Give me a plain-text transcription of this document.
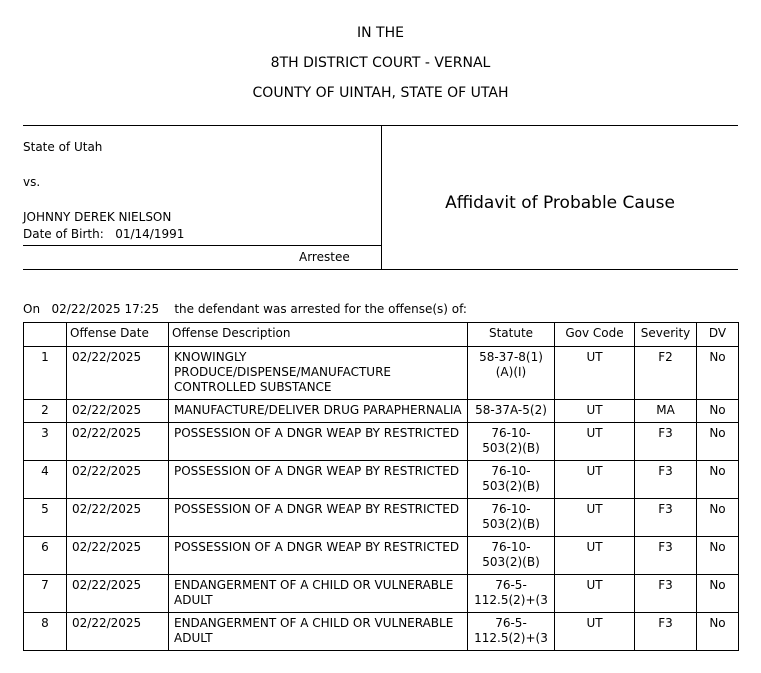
IN THE
8TH DISTRICT COURT - VERNAL
COUNTY OF UINTAH, STATE OF UTAH
State of Utah
vs.
JOHNNY DEREK NIELSON
Date of Birth: 01/14/1991
Arrestee
Affidavit of Probable Cause
On 02/22/2025 17:25 the defendant was arrested for the offense(s) of:
	Offense Date	Offense Description	Statute	Gov Code	Severity	DV
1	02/22/2025	KNOWINGLY PRODUCE/DISPENSE/MANUFACTURE CONTROLLED SUBSTANCE	58-37-8(1)(A)(I)	UT	F2	No
2	02/22/2025	MANUFACTURE/DELIVER DRUG PARAPHERNALIA	58-37A-5(2)	UT	MA	No
3	02/22/2025	POSSESSION OF A DNGR WEAP BY RESTRICTED	76-10-503(2)(B)	UT	F3	No
4	02/22/2025	POSSESSION OF A DNGR WEAP BY RESTRICTED	76-10-503(2)(B)	UT	F3	No
5	02/22/2025	POSSESSION OF A DNGR WEAP BY RESTRICTED	76-10-503(2)(B)	UT	F3	No
6	02/22/2025	POSSESSION OF A DNGR WEAP BY RESTRICTED	76-10-503(2)(B)	UT	F3	No
7	02/22/2025	ENDANGERMENT OF A CHILD OR VULNERABLE ADULT	76-5-112.5(2)+(3	UT	F3	No
8	02/22/2025	ENDANGERMENT OF A CHILD OR VULNERABLE ADULT	76-5-112.5(2)+(3	UT	F3	No
